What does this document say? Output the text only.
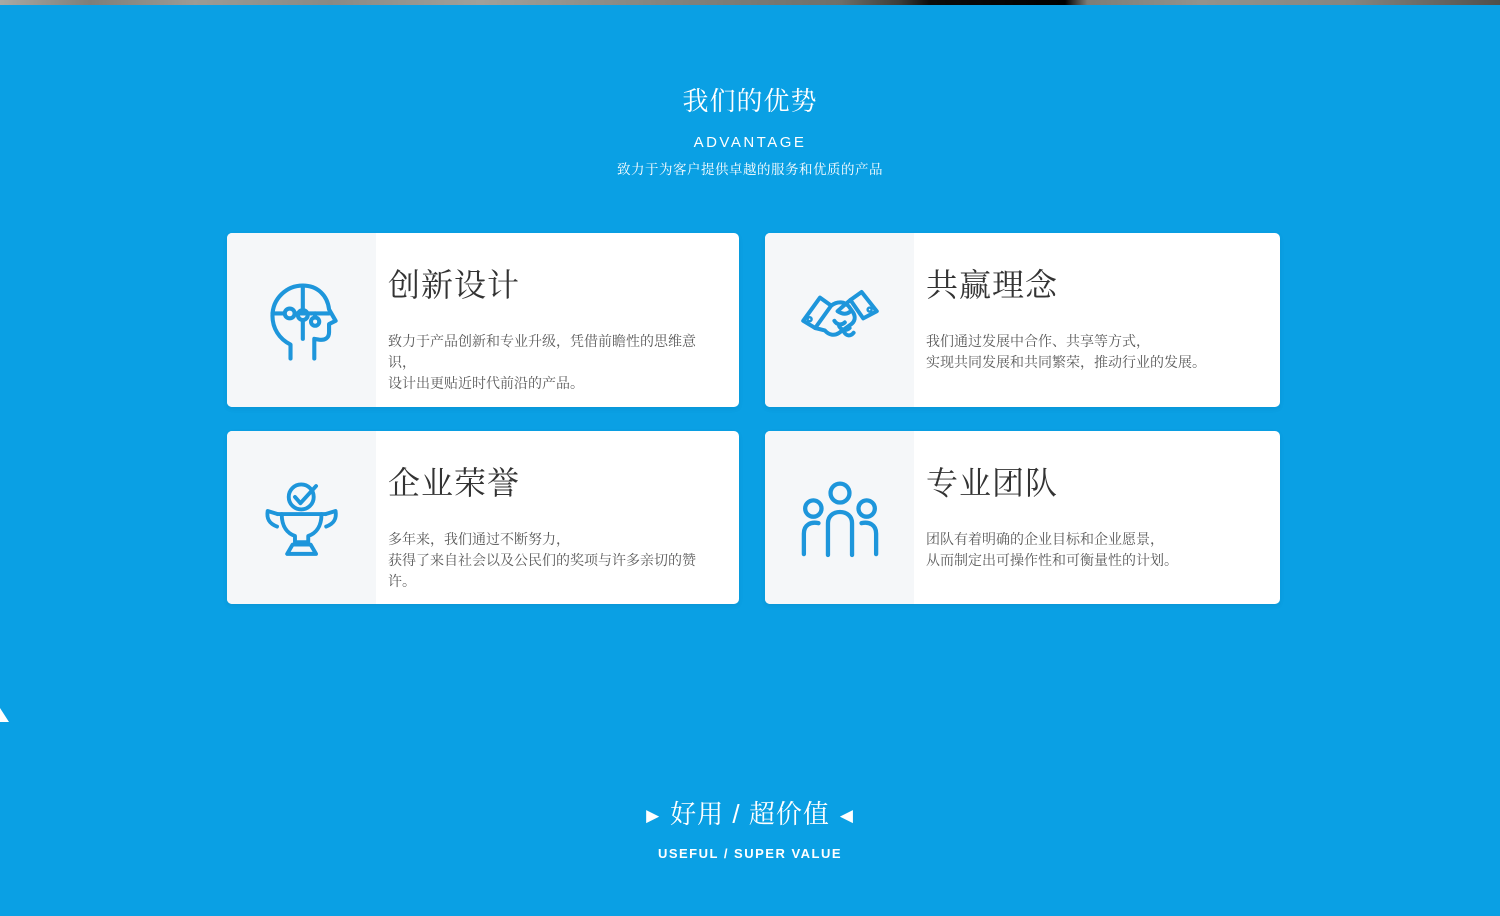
我们的优势
ADVANTAGE
致力于为客户提供卓越的服务和优质的产品
创新设计
致力于产品创新和专业升级，凭借前瞻性的思维意识，
设计出更贴近时代前沿的产品。
共赢理念
我们通过发展中合作、共享等方式，
实现共同发展和共同繁荣，推动行业的发展。
企业荣誉
多年来，我们通过不断努力，
获得了来自社会以及公民们的奖项与许多亲切的赞许。
专业团队
团队有着明确的企业目标和企业愿景，
从而制定出可操作性和可衡量性的计划。
▶ 好用 / 超价值 ◀
USEFUL / SUPER VALUE
